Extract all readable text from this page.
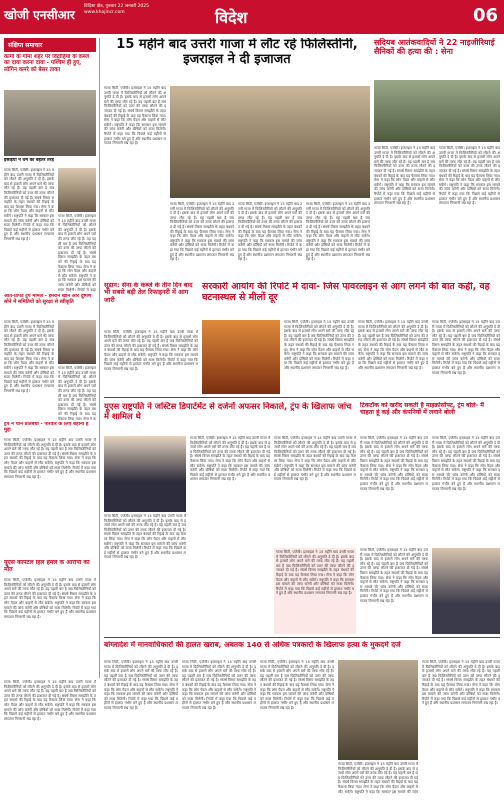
खोजी एनसीआर
विदिशा क्षेत्र, गुरुवार 22 जनवरी 2025
www.khojincr.com	विदेश	06
संक्षिप्त समाचार
कागो के गोमा शहर पर विद्रोहियों के कब्जे का दावा करना दावा - पश्चिम ही हुए, लोगिन कमरे को बेसर ताका
ईसाइयों ने धर्म को बेहतर तरह
गाजा सिटी, एजेंसी। इजराइल ने 15 महीने बाद उत्तरी गाजा में फिलिस्तीनियों को लौटने की अनुमति दे दी है। इसके बाद से हजारों लोग अपने घरों की तरफ लौट रहे हैं। यह पहली बार है जब फिलिस्तीनियों को उत्तर की तरफ लौटने की इजाजत दी गई है। संघर्ष विराम समझौते के तहत बंधकों की रिहाई के बाद यह फैसला लिया गया। सेना ने कहा कि लोग पैदल और वाहनों से लौट सकेंगे। राष्ट्रपति ने कहा कि सरकार इस मामले की जांच करेगी और दोषियों को सजा मिलेगी। रिपोर्ट में कहा गया कि पिछले कई महीनों से हालात गंभीर बने हुए हैं और स्थानीय प्रशासन लगातार निगरानी रख रहा है।
गाजा सिटी, एजेंसी। इजराइल ने 15 महीने बाद उत्तरी गाजा में फिलिस्तीनियों को लौटने की अनुमति दे दी है। इसके बाद से हजारों लोग अपने घरों की तरफ लौट रहे हैं। यह पहली बार है जब फिलिस्तीनियों को उत्तर की तरफ लौटने की इजाजत दी गई है। संघर्ष विराम समझौते के तहत बंधकों की रिहाई के बाद यह फैसला लिया गया। सेना ने कहा कि लोग पैदल और वाहनों से लौट सकेंगे। राष्ट्रपति ने कहा कि सरकार इस मामले की जांच करेगी और दोषियों को सजा मिलेगी। रिपोर्ट में कहा
आत-प्रपिट ट्रंप मामले - इमरान खान और दुष्पण सोने में समितियों को सुरक्षा से स्वीकृति
गाजा सिटी, एजेंसी। इजराइल ने 15 महीने बाद उत्तरी गाजा में फिलिस्तीनियों को लौटने की अनुमति दे दी है। इसके बाद से हजारों लोग अपने घरों की तरफ लौट रहे हैं। यह पहली बार है जब फिलिस्तीनियों को उत्तर की तरफ लौटने की इजाजत दी गई है। संघर्ष विराम समझौते के तहत बंधकों की रिहाई के बाद यह फैसला लिया गया। सेना ने कहा कि लोग पैदल और वाहनों से लौट सकेंगे। राष्ट्रपति ने कहा कि सरकार इस मामले की जांच करेगी और दोषियों को सजा मिलेगी। रिपोर्ट में कहा गया कि पिछले कई महीनों से हालात गंभीर बने हुए हैं और स्थानीय प्रशासन लगातार निगरानी रख रहा है।
गाजा सिटी, एजेंसी। इजराइल ने 15 महीने बाद उत्तरी गाजा में फिलिस्तीनियों को लौटने की अनुमति दे दी है। इसके बाद से हजारों लोग अपने घरों की तरफ लौट रहे हैं। यह पहली बार है जब फिलिस्तीनियों को उत्तर की तरफ लौटने की इजाजत दी गई है। संघर्ष विराम समझौते के तहत बंधकों की रिहाई के बाद यह फैसला लिया गया। सेना ने क
ट्रंप ने चीन प्रतिबंधों - परिवार के लिए बहाना है मुद्दा
गाजा सिटी, एजेंसी। इजराइल ने 15 महीने बाद उत्तरी गाजा में फिलिस्तीनियों को लौटने की अनुमति दे दी है। इसके बाद से हजारों लोग अपने घरों की तरफ लौट रहे हैं। यह पहली बार है जब फिलिस्तीनियों को उत्तर की तरफ लौटने की इजाजत दी गई है। संघर्ष विराम समझौते के तहत बंधकों की रिहाई के बाद यह फैसला लिया गया। सेना ने कहा कि लोग पैदल और वाहनों से लौट सकेंगे। राष्ट्रपति ने कहा कि सरकार इस मामले की जांच करेगी और दोषियों को सजा मिलेगी। रिपोर्ट में कहा गया कि पिछले कई महीनों से हालात गंभीर बने हुए हैं और स्थानीय प्रशासन लगातार निगरानी रख रहा है।
यूएस कैपिटल हिल हमले के आरोपी की मौत
गाजा सिटी, एजेंसी। इजराइल ने 15 महीने बाद उत्तरी गाजा में फिलिस्तीनियों को लौटने की अनुमति दे दी है। इसके बाद से हजारों लोग अपने घरों की तरफ लौट रहे हैं। यह पहली बार है जब फिलिस्तीनियों को उत्तर की तरफ लौटने की इजाजत दी गई है। संघर्ष विराम समझौते के तहत बंधकों की रिहाई के बाद यह फैसला लिया गया। सेना ने कहा कि लोग पैदल और वाहनों से लौट सकेंगे। राष्ट्रपति ने कहा कि सरकार इस मामले की जांच करेगी और दोषियों को सजा मिलेगी। रिपोर्ट में कहा गया कि पिछले कई महीनों से हालात गंभीर बने हुए हैं और स्थानीय प्रशासन लगातार निगरानी रख रहा है।
15 महीने बाद उत्तरी गाजा में लौट रहे फिलिस्तीनी, इजराइल ने दी इजाजत
गाजा सिटी, एजेंसी। इजराइल ने 15 महीने बाद उत्तरी गाजा में फिलिस्तीनियों को लौटने की अनुमति दे दी है। इसके बाद से हजारों लोग अपने घरों की तरफ लौट रहे हैं। यह पहली बार है जब फिलिस्तीनियों को उत्तर की तरफ लौटने की इजाजत दी गई है। संघर्ष विराम समझौते के तहत बंधकों की रिहाई के बाद यह फैसला लिया गया। सेना ने कहा कि लोग पैदल और वाहनों से लौट सकेंगे। राष्ट्रपति ने कहा कि सरकार इस मामले की जांच करेगी और दोषियों को सजा मिलेगी। रिपोर्ट में कहा गया कि पिछले कई महीनों से हालात गंभीर बने हुए हैं और स्थानीय प्रशासन लगातार निगरानी रख रहा है।
गाजा सिटी, एजेंसी। इजराइल ने 15 महीने बाद उत्तरी गाजा में फिलिस्तीनियों को लौटने की अनुमति दे दी है। इसके बाद से हजारों लोग अपने घरों की तरफ लौट रहे हैं। यह पहली बार है जब फिलिस्तीनियों को उत्तर की तरफ लौटने की इजाजत दी गई है। संघर्ष विराम समझौते के तहत बंधकों की रिहाई के बाद यह फैसला लिया गया। सेना ने कहा कि लोग पैदल और वाहनों से लौट सकेंगे। राष्ट्रपति ने कहा कि सरकार इस मामले की जांच करेगी और दोषियों को सजा मिलेगी। रिपोर्ट में कहा गया कि पिछले कई महीनों से हालात गंभीर बने हुए हैं और स्थानीय प्रशासन लगातार निगरानी रख रहा है।
गाजा सिटी, एजेंसी। इजराइल ने 15 महीने बाद उत्तरी गाजा में फिलिस्तीनियों को लौटने की अनुमति दे दी है। इसके बाद से हजारों लोग अपने घरों की तरफ लौट रहे हैं। यह पहली बार है जब फिलिस्तीनियों को उत्तर की तरफ लौटने की इजाजत दी गई है। संघर्ष विराम समझौते के तहत बंधकों की रिहाई के बाद यह फैसला लिया गया। सेना ने कहा कि लोग पैदल और वाहनों से लौट सकेंगे। राष्ट्रपति ने कहा कि सरकार इस मामले की जांच करेगी और दोषियों को सजा मिलेगी। रिपोर्ट में कहा गया कि पिछले कई महीनों से हालात गंभीर बने हुए हैं और स्थानीय प्रशासन लगातार निगरानी रख रहा है।
गाजा सिटी, एजेंसी। इजराइल ने 15 महीने बाद उत्तरी गाजा में फिलिस्तीनियों को लौटने की अनुमति दे दी है। इसके बाद से हजारों लोग अपने घरों की तरफ लौट रहे हैं। यह पहली बार है जब फिलिस्तीनियों को उत्तर की तरफ लौटने की इजाजत दी गई है। संघर्ष विराम समझौते के तहत बंधकों की रिहाई के बाद यह फैसला लिया गया। सेना ने कहा कि लोग पैदल और वाहनों से लौट सकेंगे। राष्ट्रपति ने कहा कि सरकार इस मामले की जांच करेगी और दोषियों को सजा मिलेगी। रिपोर्ट में कहा गया कि पिछले कई महीनों से हालात गंभीर बने हुए हैं और स्थानीय प्रशासन लगातार निगरानी रख रहा है।
सदियब आतंकवादियों ने 22 नाइजीरियाई सैनिकों की हत्या की : सेना
गाजा सिटी, एजेंसी। इजराइल ने 15 महीने बाद उत्तरी गाजा में फिलिस्तीनियों को लौटने की अनुमति दे दी है। इसके बाद से हजारों लोग अपने घरों की तरफ लौट रहे हैं। यह पहली बार है जब फिलिस्तीनियों को उत्तर की तरफ लौटने की इजाजत दी गई है। संघर्ष विराम समझौते के तहत बंधकों की रिहाई के बाद यह फैसला लिया गया। सेना ने कहा कि लोग पैदल और वाहनों से लौट सकेंगे। राष्ट्रपति ने कहा कि सरकार इस मामले की जांच करेगी और दोषियों को सजा मिलेगी। रिपोर्ट में कहा गया कि पिछले कई महीनों से हालात गंभीर बने हुए हैं और स्थानीय प्रशासन लगातार निगरानी रख रहा है।
गाजा सिटी, एजेंसी। इजराइल ने 15 महीने बाद उत्तरी गाजा में फिलिस्तीनियों को लौटने की अनुमति दे दी है। इसके बाद से हजारों लोग अपने घरों की तरफ लौट रहे हैं। यह पहली बार है जब फिलिस्तीनियों को उत्तर की तरफ लौटने की इजाजत दी गई है। संघर्ष विराम समझौते के तहत बंधकों की रिहाई के बाद यह फैसला लिया गया। सेना ने कहा कि लोग पैदल और वाहनों से लौट सकेंगे। राष्ट्रपति ने कहा कि सरकार इस मामले की जांच करेगी और दोषियों को सजा मिलेगी। रिपोर्ट में कहा गया कि पिछले कई महीनों से हालात गंभीर बने हुए हैं और स्थानीय प्रशासन लगातार निगरानी रख रहा है।
सूडान: सेना के कब्जे के तीन दिन बाद भी सबसे बड़ी तेल रिफाइनरी में आग जारी
गाजा सिटी, एजेंसी। इजराइल ने 15 महीने बाद उत्तरी गाजा में फिलिस्तीनियों को लौटने की अनुमति दे दी है। इसके बाद से हजारों लोग अपने घरों की तरफ लौट रहे हैं। यह पहली बार है जब फिलिस्तीनियों को उत्तर की तरफ लौटने की इजाजत दी गई है। संघर्ष विराम समझौते के तहत बंधकों की रिहाई के बाद यह फैसला लिया गया। सेना ने कहा कि लोग पैदल और वाहनों से लौट सकेंगे। राष्ट्रपति ने कहा कि सरकार इस मामले की जांच करेगी और दोषियों को सजा मिलेगी। रिपोर्ट में कहा गया कि पिछले कई महीनों से हालात गंभीर बने हुए हैं और स्थानीय प्रशासन लगातार निगरानी रख रहा है।
सरकारी आयोग की रिपोर्ट में दावा- जिस पावरलाइन से आग लगने की बात कही, वह घटनास्थल से मीलों दूर
गाजा सिटी, एजेंसी। इजराइल ने 15 महीने बाद उत्तरी गाजा में फिलिस्तीनियों को लौटने की अनुमति दे दी है। इसके बाद से हजारों लोग अपने घरों की तरफ लौट रहे हैं। यह पहली बार है जब फिलिस्तीनियों को उत्तर की तरफ लौटने की इजाजत दी गई है। संघर्ष विराम समझौते के तहत बंधकों की रिहाई के बाद यह फैसला लिया गया। सेना ने कहा कि लोग पैदल और वाहनों से लौट सकेंगे। राष्ट्रपति ने कहा कि सरकार इस मामले की जांच करेगी और दोषियों को सजा मिलेगी। रिपोर्ट में कहा गया कि पिछले कई महीनों से हालात गंभीर बने हुए हैं और स्थानीय प्रशासन लगातार निगरानी रख रहा है।
गाजा सिटी, एजेंसी। इजराइल ने 15 महीने बाद उत्तरी गाजा में फिलिस्तीनियों को लौटने की अनुमति दे दी है। इसके बाद से हजारों लोग अपने घरों की तरफ लौट रहे हैं। यह पहली बार है जब फिलिस्तीनियों को उत्तर की तरफ लौटने की इजाजत दी गई है। संघर्ष विराम समझौते के तहत बंधकों की रिहाई के बाद यह फैसला लिया गया। सेना ने कहा कि लोग पैदल और वाहनों से लौट सकेंगे। राष्ट्रपति ने कहा कि सरकार इस मामले की जांच करेगी और दोषियों को सजा मिलेगी। रिपोर्ट में कहा गया कि पिछले कई महीनों से हालात गंभीर बने हुए हैं और स्थानीय प्रशासन लगातार निगरानी रख रहा है।
गाजा सिटी, एजेंसी। इजराइल ने 15 महीने बाद उत्तरी गाजा में फिलिस्तीनियों को लौटने की अनुमति दे दी है। इसके बाद से हजारों लोग अपने घरों की तरफ लौट रहे हैं। यह पहली बार है जब फिलिस्तीनियों को उत्तर की तरफ लौटने की इजाजत दी गई है। संघर्ष विराम समझौते के तहत बंधकों की रिहाई के बाद यह फैसला लिया गया। सेना ने कहा कि लोग पैदल और वाहनों से लौट सकेंगे। राष्ट्रपति ने कहा कि सरकार इस मामले की जांच करेगी और दोषियों को सजा मिलेगी। रिपोर्ट में कहा गया कि पिछले कई महीनों से हालात गंभीर बने हुए हैं और स्थानीय प्रशासन लगातार निगरानी रख रहा है।
यूएस राष्ट्रपति ने जस्टिस डिपार्टमेंट से दर्जनों अफसर निकाले, ट्रंप के खिलाफ जांच में शामिल थे
गाजा सिटी, एजेंसी। इजराइल ने 15 महीने बाद उत्तरी गाजा में फिलिस्तीनियों को लौटने की अनुमति दे दी है। इसके बाद से हजारों लोग अपने घरों की तरफ लौट रहे हैं। यह पहली बार है जब फिलिस्तीनियों को उत्तर की तरफ लौटने की इजाजत दी गई है। संघर्ष विराम समझौते के तहत बंधकों की रिहाई के बाद यह फैसला लिया गया। सेना ने कहा कि लोग पैदल और वाहनों से लौट सकेंगे। राष्ट्रपति ने कहा कि सरकार इस मामले की जांच करेगी और दोषियों को सजा मिलेगी। रिपोर्ट में कहा गया कि पिछले कई महीनों से हालात गंभीर बने हुए हैं और स्थानीय प्रशासन लगातार निगरानी रख रहा है।
गाजा सिटी, एजेंसी। इजराइल ने 15 महीने बाद उत्तरी गाजा में फिलिस्तीनियों को लौटने की अनुमति दे दी है। इसके बाद से हजारों लोग अपने घरों की तरफ लौट रहे हैं। यह पहली बार है जब फिलिस्तीनियों को उत्तर की तरफ लौटने की इजाजत दी गई है। संघर्ष विराम समझौते के तहत बंधकों की रिहाई के बाद यह फैसला लिया गया। सेना ने कहा कि लोग पैदल और वाहनों से लौट सकेंगे। राष्ट्रपति ने कहा कि सरकार इस मामले की जांच करेगी और दोषियों को सजा मिलेगी। रिपोर्ट में कहा गया कि पिछले कई महीनों से हालात गंभीर बने हुए हैं और स्थानीय प्रशासन लगातार निगरानी रख रहा है।
गाजा सिटी, एजेंसी। इजराइल ने 15 महीने बाद उत्तरी गाजा में फिलिस्तीनियों को लौटने की अनुमति दे दी है। इसके बाद से हजारों लोग अपने घरों की तरफ लौट रहे हैं। यह पहली बार है जब फिलिस्तीनियों को उत्तर की तरफ लौटने की इजाजत दी गई है। संघर्ष विराम समझौते के तहत बंधकों की रिहाई के बाद यह फैसला लिया गया। सेना ने कहा कि लोग पैदल और वाहनों से लौट सकेंगे। राष्ट्रपति ने कहा कि सरकार इस मामले की जांच करेगी और दोषियों को सजा मिलेगी। रिपोर्ट में कहा गया कि पिछले कई महीनों से हालात गंभीर बने हुए हैं और स्थानीय प्रशासन लगातार निगरानी रख रहा है।
गाजा सिटी, एजेंसी। इजराइल ने 15 महीने बाद उत्तरी गाजा में फिलिस्तीनियों को लौटने की अनुमति दे दी है। इसके बाद से हजारों लोग अपने घरों की तरफ लौट रहे हैं। यह पहली बार है जब फिलिस्तीनियों को उत्तर की तरफ लौटने की इजाजत दी गई है। संघर्ष विराम समझौते के तहत बंधकों की रिहाई के बाद यह फैसला लिया गया। सेना ने कहा कि लोग पैदल और वाहनों से लौट सकेंगे। राष्ट्रपति ने कहा कि सरकार इस मामले की जांच करेगी और दोषियों को सजा मिलेगी। रिपोर्ट में कहा गया कि पिछले कई महीनों से हालात गंभीर बने हुए हैं और स्थानीय प्रशासन लगातार निगरानी रख रहा है।
टिकटॉक को खरीद सकती है माइक्रोसॉफ्ट, ट्रंप बोले- मैं चाहता हूं कई और कंपनियों में लगाने बोली
गाजा सिटी, एजेंसी। इजराइल ने 15 महीने बाद उत्तरी गाजा में फिलिस्तीनियों को लौटने की अनुमति दे दी है। इसके बाद से हजारों लोग अपने घरों की तरफ लौट रहे हैं। यह पहली बार है जब फिलिस्तीनियों को उत्तर की तरफ लौटने की इजाजत दी गई है। संघर्ष विराम समझौते के तहत बंधकों की रिहाई के बाद यह फैसला लिया गया। सेना ने कहा कि लोग पैदल और वाहनों से लौट सकेंगे। राष्ट्रपति ने कहा कि सरकार इस मामले की जांच करेगी और दोषियों को सजा मिलेगी। रिपोर्ट में कहा गया कि पिछले कई महीनों से हालात गंभीर बने हुए हैं और स्थानीय प्रशासन लगातार निगरानी रख रहा है।
गाजा सिटी, एजेंसी। इजराइल ने 15 महीने बाद उत्तरी गाजा में फिलिस्तीनियों को लौटने की अनुमति दे दी है। इसके बाद से हजारों लोग अपने घरों की तरफ लौट रहे हैं। यह पहली बार है जब फिलिस्तीनियों को उत्तर की तरफ लौटने की इजाजत दी गई है। संघर्ष विराम समझौते के तहत बंधकों की रिहाई के बाद यह फैसला लिया गया। सेना ने कहा कि लोग पैदल और वाहनों से लौट सकेंगे। राष्ट्रपति ने कहा कि सरकार इस मामले की जांच करेगी और दोषियों को सजा मिलेगी। रिपोर्ट में कहा गया कि पिछले कई महीनों से हालात गंभीर बने हुए हैं और स्थानीय प्रशासन लगातार निगरानी रख रहा है।
गाजा सिटी, एजेंसी। इजराइल ने 15 महीने बाद उत्तरी गाजा में फिलिस्तीनियों को लौटने की अनुमति दे दी है। इसके बाद से हजारों लोग अपने घरों की तरफ लौट रहे हैं। यह पहली बार है जब फिलिस्तीनियों को उत्तर की तरफ लौटने की इजाजत दी गई है। संघर्ष विराम समझौते के तहत बंधकों की रिहाई के बाद यह फैसला लिया गया। सेना ने कहा कि लोग पैदल और वाहनों से लौट सकेंगे। राष्ट्रपति ने कहा कि सरकार इस मामले की जांच करेगी और दोषियों को सजा मिलेगी। रिपोर्ट में कहा गया कि पिछले कई महीनों से हालात गंभीर बने हुए हैं और स्थानीय प्रशासन लगातार निगरानी रख रहा है।
बांग्लादेश में मानवाधिकारों की हालत खराब, अबतक 140 से अधिक पत्रकारों के खिलाफ हत्या के मुकदमे दर्ज
गाजा सिटी, एजेंसी। इजराइल ने 15 महीने बाद उत्तरी गाजा में फिलिस्तीनियों को लौटने की अनुमति दे दी है। इसके बाद से हजारों लोग अपने घरों की तरफ लौट रहे हैं। यह पहली बार है जब फिलिस्तीनियों को उत्तर की तरफ लौटने की इजाजत दी गई है। संघर्ष विराम समझौते के तहत बंधकों की रिहाई के बाद यह फैसला लिया गया। सेना ने कहा कि लोग पैदल और वाहनों से लौट सकेंगे। राष्ट्रपति ने कहा कि सरकार इस मामले की जांच करेगी और दोषियों को सजा मिलेगी। रिपोर्ट में कहा गया कि पिछले कई महीनों से हालात गंभीर बने हुए हैं और स्थानीय प्रशासन लगातार निगरानी रख रहा है।
गाजा सिटी, एजेंसी। इजराइल ने 15 महीने बाद उत्तरी गाजा में फिलिस्तीनियों को लौटने की अनुमति दे दी है। इसके बाद से हजारों लोग अपने घरों की तरफ लौट रहे हैं। यह पहली बार है जब फिलिस्तीनियों को उत्तर की तरफ लौटने की इजाजत दी गई है। संघर्ष विराम समझौते के तहत बंधकों की रिहाई के बाद यह फैसला लिया गया। सेना ने कहा कि लोग पैदल और वाहनों से लौट सकेंगे। राष्ट्रपति ने कहा कि सरकार इस मामले की जांच करेगी और दोषियों को सजा मिलेगी। रिपोर्ट में कहा गया कि पिछले कई महीनों से हालात गंभीर बने हुए हैं और स्थानीय प्रशासन लगातार निगरानी रख रहा है।
गाजा सिटी, एजेंसी। इजराइल ने 15 महीने बाद उत्तरी गाजा में फिलिस्तीनियों को लौटने की अनुमति दे दी है। इसके बाद से हजारों लोग अपने घरों की तरफ लौट रहे हैं। यह पहली बार है जब फिलिस्तीनियों को उत्तर की तरफ लौटने की इजाजत दी गई है। संघर्ष विराम समझौते के तहत बंधकों की रिहाई के बाद यह फैसला लिया गया। सेना ने कहा कि लोग पैदल और वाहनों से लौट सकेंगे। राष्ट्रपति ने कहा कि सरकार इस मामले की जांच करेगी और दोषियों को सजा मिलेगी। रिपोर्ट में कहा गया कि पिछले कई महीनों से हालात गंभीर बने हुए हैं और स्थानीय प्रशासन लगातार निगरानी रख रहा है।
गाजा सिटी, एजेंसी। इजराइल ने 15 महीने बाद उत्तरी गाजा में फिलिस्तीनियों को लौटने की अनुमति दे दी है। इसके बाद से हजारों लोग अपने घरों की तरफ लौट रहे हैं। यह पहली बार है जब फिलिस्तीनियों को उत्तर की तरफ लौटने की इजाजत दी गई है। संघर्ष विराम समझौते के तहत बंधकों की रिहाई के बाद यह फैसला लिया गया। सेना ने कहा कि लोग पैदल और वाहनों से लौट सकेंगे। राष्ट्रपति ने कहा कि सरकार इस मामले की जांच
गाजा सिटी, एजेंसी। इजराइल ने 15 महीने बाद उत्तरी गाजा में फिलिस्तीनियों को लौटने की अनुमति दे दी है। इसके बाद से हजारों लोग अपने घरों की तरफ लौट रहे हैं। यह पहली बार है जब फिलिस्तीनियों को उत्तर की तरफ लौटने की इजाजत दी गई है। संघर्ष विराम समझौते के तहत बंधकों की रिहाई के बाद यह फैसला लिया गया। सेना ने कहा कि लोग पैदल और वाहनों से लौट सकेंगे। राष्ट्रपति ने कहा कि सरकार इस मामले की जांच करेगी और दोषियों को सजा मिलेगी। रिपोर्ट में कहा गया कि पिछले कई महीनों से हालात गंभीर बने हुए हैं और स्थानीय प्रशासन लगातार निगरानी रख रहा है।
गाजा सिटी, एजेंसी। इजराइल ने 15 महीने बाद उत्तरी गाजा में फिलिस्तीनियों को लौटने की अनुमति दे दी है। इसके बाद से हजारों लोग अपने घरों की तरफ लौट रहे हैं। यह पहली बार है जब फिलिस्तीनियों को उत्तर की तरफ लौटने की इजाजत दी गई है। संघर्ष विराम समझौते के तहत बंधकों की रिहाई के बाद यह फैसला लिया गया। सेना ने कहा कि लोग पैदल और वाहनों से लौट सकेंगे। राष्ट्रपति ने कहा कि सरकार इस मामले की जांच करेगी और दोषियों को सजा मिलेगी। रिपोर्ट में कहा गया कि पिछले कई महीनों से हालात गंभीर बने हुए हैं और स्थानीय प्रशासन लगातार निगरानी रख रहा है।
